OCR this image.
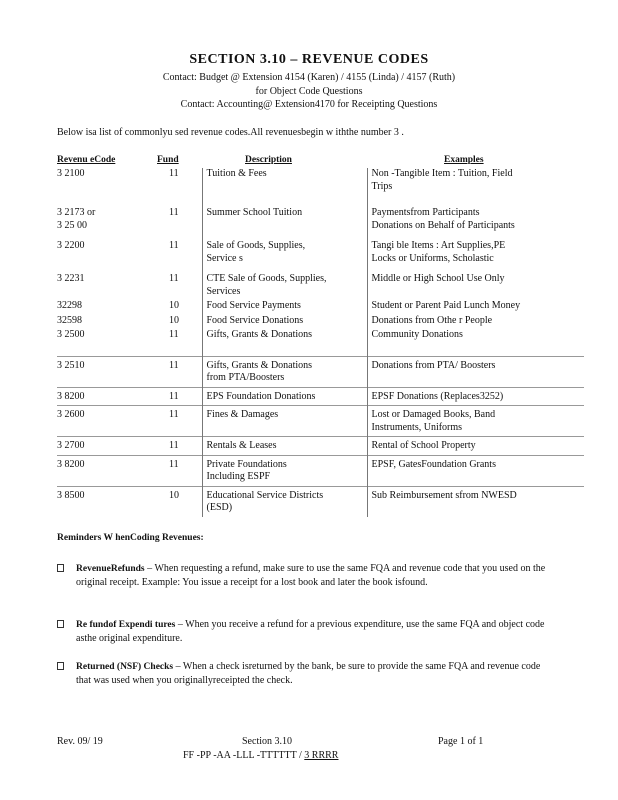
SECTION 3.10 – REVENUE CODES
Contact: Budget @ Extension 4154 (Karen) / 4155 (Linda) / 4157 (Ruth)
for Object Code Questions
Contact: Accounting@ Extension4170 for Receipting Questions
Below isa list of commonlyu sed revenue codes.All revenuesbegin w iththe number 3 .
Revenu eCode	Fund	Description	Examples
3 2100	11	Tuition & Fees	Non -Tangible Item : Tuition, Field
Trips
3 2173 or
3 25 00	11	Summer School Tuition	Paymentsfrom Participants
Donations on Behalf of Participants
3 2200	11	Sale of Goods, Supplies,
Service s	Tangi ble Items : Art Supplies,PE
Locks or Uniforms, Scholastic
3 2231	11	CTE Sale of Goods, Supplies,
Services	Middle or High School Use Only
32298	10	Food Service Payments	Student or Parent Paid Lunch Money
32598	10	Food Service Donations	Donations from Othe r People
3 2500	11	Gifts, Grants & Donations	Community Donations
3 2510	11	Gifts, Grants & Donations
from PTA/Boosters	Donations from PTA/ Boosters
3 8200	11	EPS Foundation Donations	EPSF Donations (Replaces3252)
3 2600	11	Fines & Damages	Lost or Damaged Books, Band
Instruments, Uniforms
3 2700	11	Rentals & Leases	Rental of School Property
3 8200	11	Private Foundations
Including ESPF	EPSF, GatesFoundation Grants
3 8500	10	Educational Service Districts
(ESD)	Sub Reimbursement sfrom NWESD
Reminders W henCoding Revenues:
RevenueRefunds – When requesting a refund, make sure to use the same FQA and revenue code that you used on the original receipt. Example: You issue a receipt for a lost book and later the book isfound.
Re fundof Expendi tures – When you receive a refund for a previous expenditure, use the same FQA and object code asthe original expenditure.
Returned (NSF) Checks – When a check isreturned by the bank, be sure to provide the same FQA and revenue code that was used when you originallyreceipted the check.
Rev. 09/ 19	Section 3.10	Page 1 of 1
FF -PP -AA -LLL -TTTTTT / 3 RRRR
